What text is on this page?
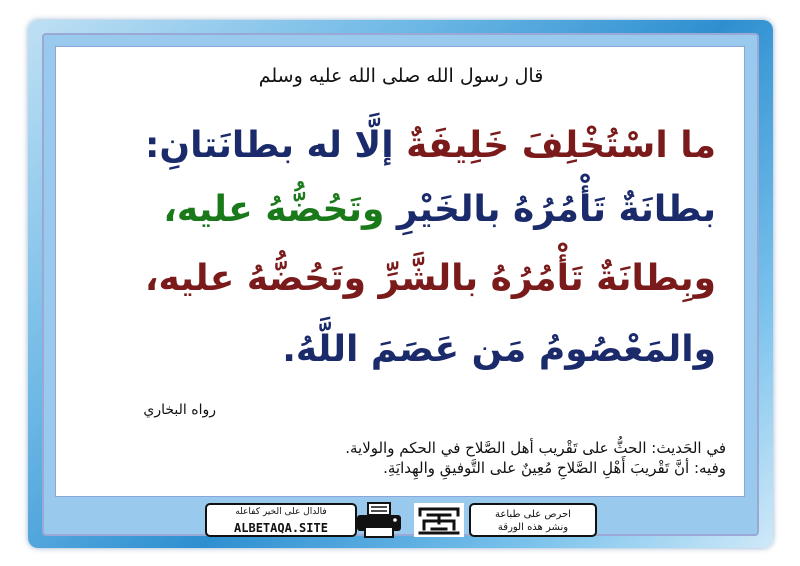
قال رسول الله صلى الله عليه وسلم
ما اسْتُخْلِفَ خَلِيفَةٌ إلَّا له بطانَتانِ:
بطانَةٌ تَأْمُرُهُ بالخَيْرِ وتَحُضُّهُ عليه،
وبِطانَةٌ تَأْمُرُهُ بالشَّرِّ وتَحُضُّهُ عليه،
والمَعْصُومُ مَن عَصَمَ اللَّهُ.
رواه البخاري
في الحَديث: الحثُّ على تَقْريب أهل الصَّلاح في الحكم والولاية.
وفيه: أنَّ تَقْريبَ أَهْلِ الصَّلاحِ مُعِينٌ على التَّوفيقِ والهِدايَةِ.
فالدال على الخير كفاعله
ALBETAQA.SITE
احرص على طباعة
ونشر هذه الورقة
